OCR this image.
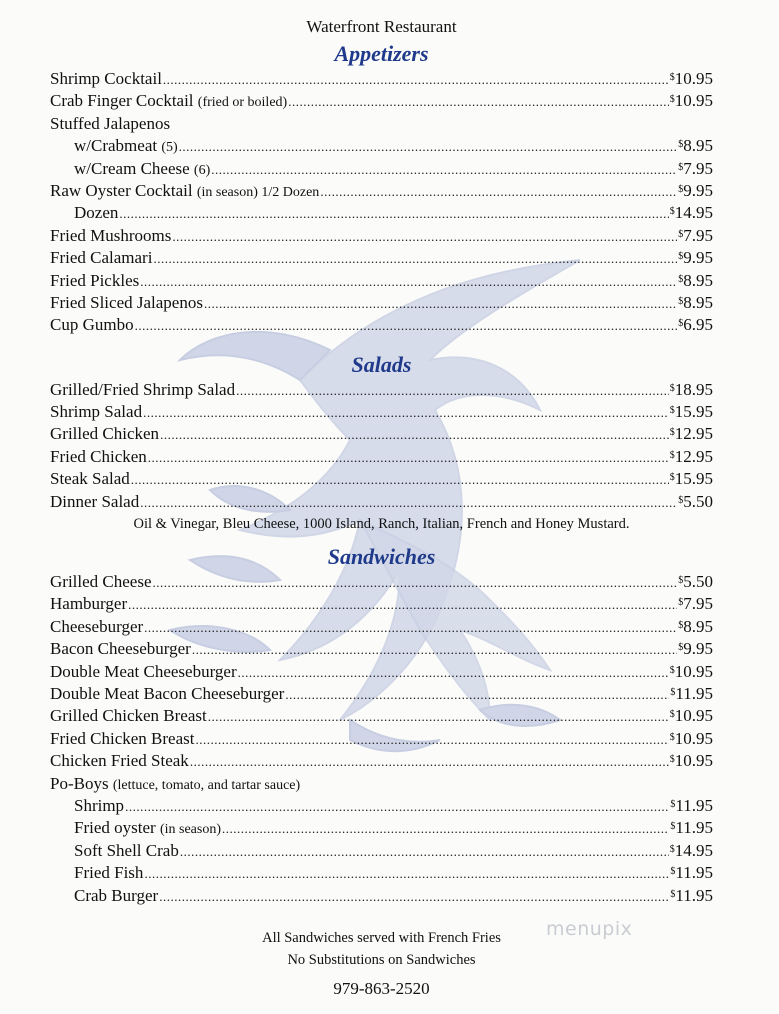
Waterfront Restaurant
Appetizers
Shrimp Cocktail .....	$10.95
Crab Finger Cocktail (fried or boiled) .....	$10.95
Stuffed Jalapenos
w/Crabmeat (5) .....	$8.95
w/Cream Cheese (6) .....	$7.95
Raw Oyster Cocktail (in season) 1/2 Dozen .....	$9.95
Dozen .....	$14.95
Fried Mushrooms .....	$7.95
Fried Calamari .....	$9.95
Fried Pickles .....	$8.95
Fried Sliced Jalapenos .....	$8.95
Cup Gumbo .....	$6.95
Salads
Grilled/Fried Shrimp Salad .....	$18.95
Shrimp Salad .....	$15.95
Grilled Chicken .....	$12.95
Fried Chicken .....	$12.95
Steak Salad .....	$15.95
Dinner Salad .....	$5.50
Oil & Vinegar, Bleu Cheese, 1000 Island, Ranch, Italian, French and Honey Mustard.
Sandwiches
Grilled Cheese .....	$5.50
Hamburger .....	$7.95
Cheeseburger .....	$8.95
Bacon Cheeseburger .....	$9.95
Double Meat Cheeseburger .....	$10.95
Double Meat Bacon Cheeseburger .....	$11.95
Grilled Chicken Breast .....	$10.95
Fried Chicken Breast .....	$10.95
Chicken Fried Steak .....	$10.95
Po-Boys (lettuce, tomato, and tartar sauce)
Shrimp .....	$11.95
Fried oyster (in season) .....	$11.95
Soft Shell Crab .....	$14.95
Fried Fish .....	$11.95
Crab Burger .....	$11.95
All Sandwiches served with French Fries
No Substitutions on Sandwiches
979-863-2520
menupix
